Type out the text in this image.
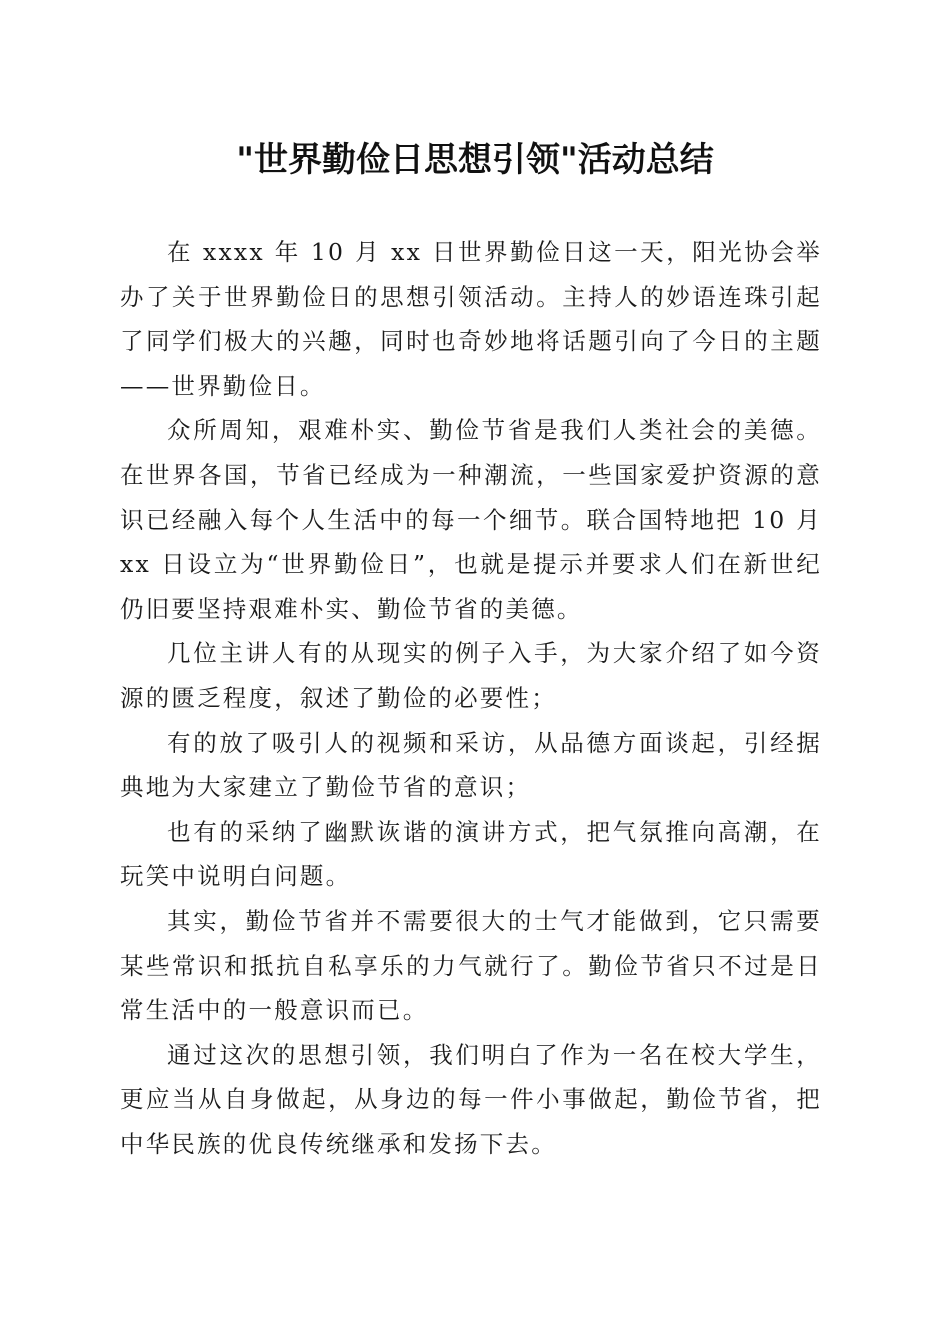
"世界勤俭日思想引领"活动总结

在 xxxx 年 10 月 xx 日世界勤俭日这一天，阳光协会举办了关于世界勤俭日的思想引领活动。主持人的妙语连珠引起了同学们极大的兴趣，同时也奇妙地将话题引向了今日的主题——世界勤俭日。

众所周知，艰难朴实、勤俭节省是我们人类社会的美德。在世界各国，节省已经成为一种潮流，一些国家爱护资源的意识已经融入每个人生活中的每一个细节。联合国特地把 10 月 xx 日设立为“世界勤俭日”，也就是提示并要求人们在新世纪仍旧要坚持艰难朴实、勤俭节省的美德。

几位主讲人有的从现实的例子入手，为大家介绍了如今资源的匮乏程度，叙述了勤俭的必要性；

有的放了吸引人的视频和采访，从品德方面谈起，引经据典地为大家建立了勤俭节省的意识；

也有的采纳了幽默诙谐的演讲方式，把气氛推向高潮，在玩笑中说明白问题。

其实，勤俭节省并不需要很大的士气才能做到，它只需要某些常识和抵抗自私享乐的力气就行了。勤俭节省只不过是日常生活中的一般意识而已。

通过这次的思想引领，我们明白了作为一名在校大学生，更应当从自身做起，从身边的每一件小事做起，勤俭节省，把中华民族的优良传统继承和发扬下去。
